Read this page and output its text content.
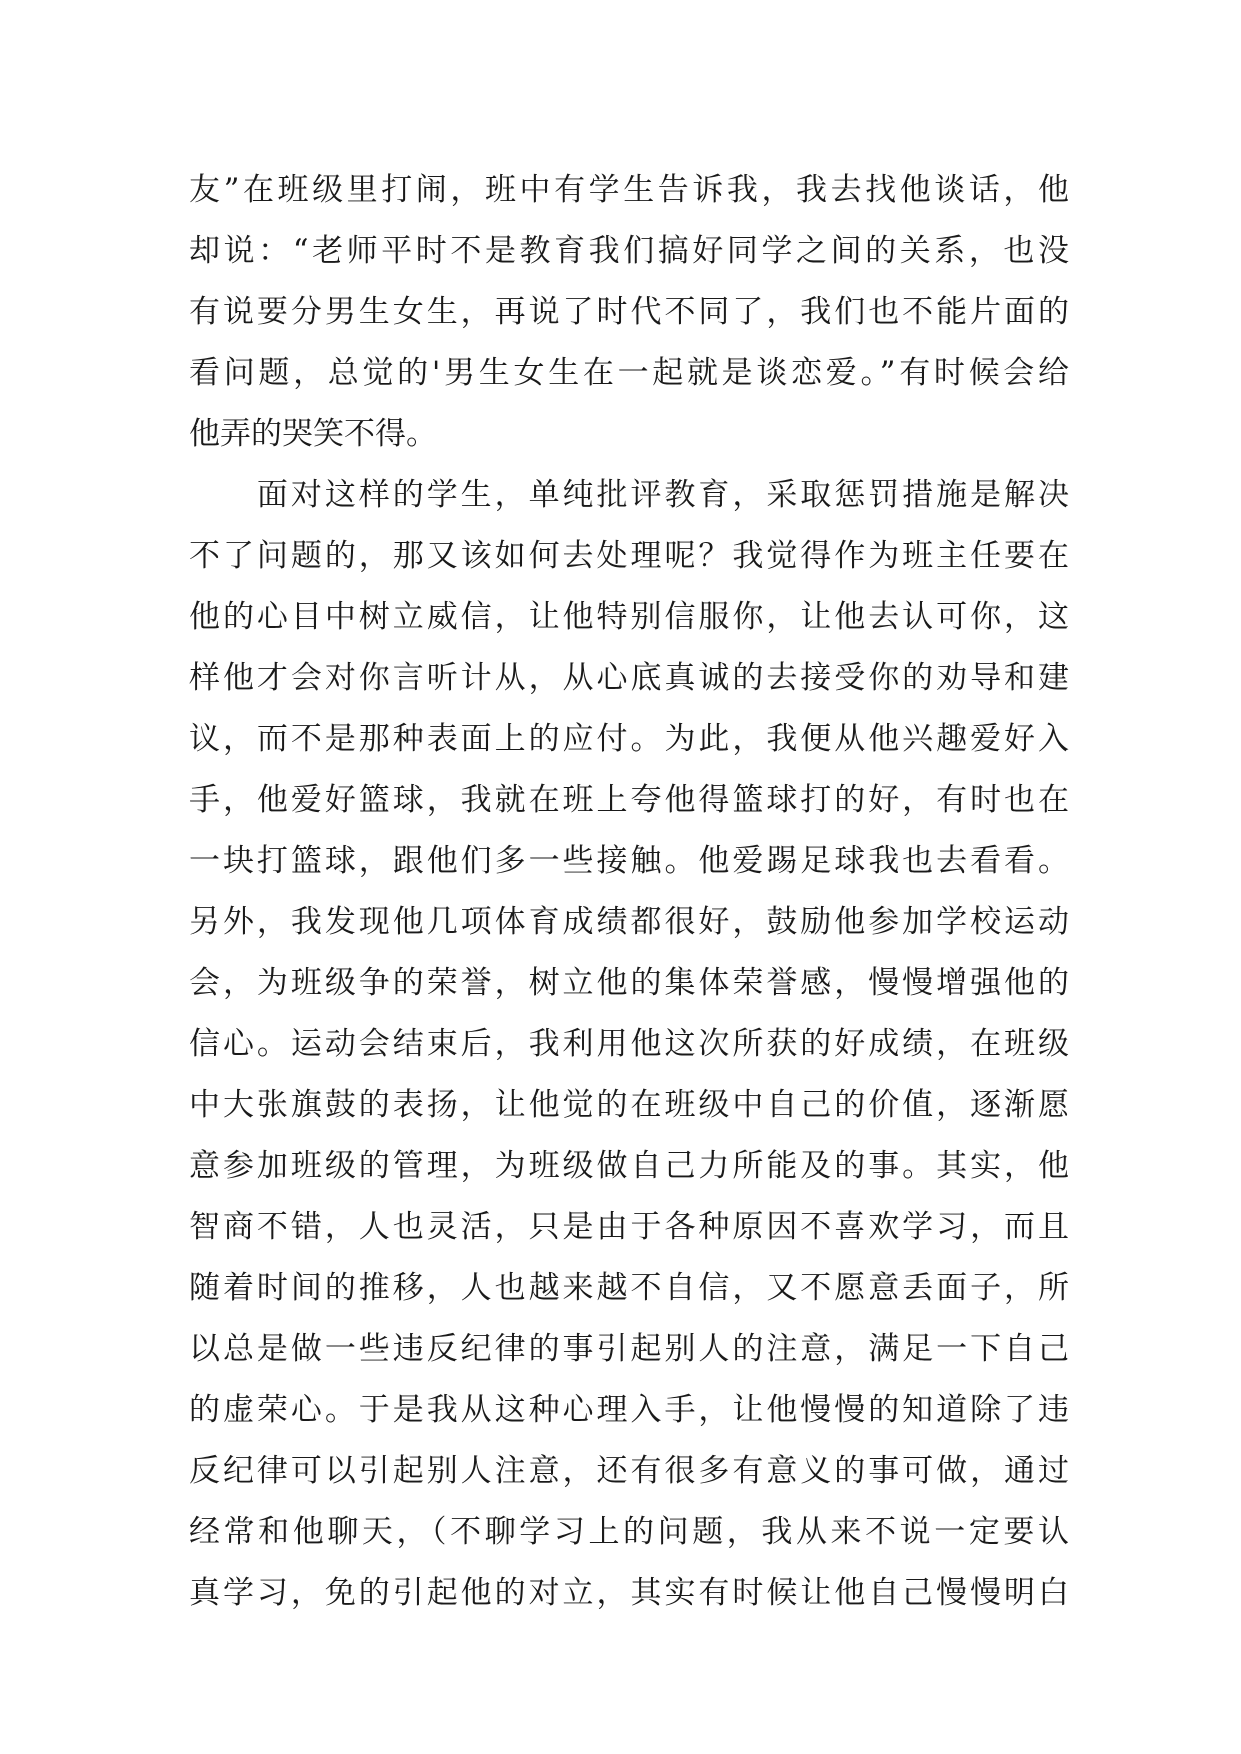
友”在班级里打闹，班中有学生告诉我，我去找他谈话，他
却说：“老师平时不是教育我们搞好同学之间的关系，也没
有说要分男生女生，再说了时代不同了，我们也不能片面的
看问题，总觉的'男生女生在一起就是谈恋爱。”有时候会给
他弄的哭笑不得。
　　面对这样的学生，单纯批评教育，采取惩罚措施是解决
不了问题的，那又该如何去处理呢？我觉得作为班主任要在
他的心目中树立威信，让他特别信服你，让他去认可你，这
样他才会对你言听计从，从心底真诚的去接受你的劝导和建
议，而不是那种表面上的应付。为此，我便从他兴趣爱好入
手，他爱好篮球，我就在班上夸他得篮球打的好，有时也在
一块打篮球，跟他们多一些接触。他爱踢足球我也去看看。
另外，我发现他几项体育成绩都很好，鼓励他参加学校运动
会，为班级争的荣誉，树立他的集体荣誉感，慢慢增强他的
信心。运动会结束后，我利用他这次所获的好成绩，在班级
中大张旗鼓的表扬，让他觉的在班级中自己的价值，逐渐愿
意参加班级的管理，为班级做自己力所能及的事。其实，他
智商不错，人也灵活，只是由于各种原因不喜欢学习，而且
随着时间的推移，人也越来越不自信，又不愿意丢面子，所
以总是做一些违反纪律的事引起别人的注意，满足一下自己
的虚荣心。于是我从这种心理入手，让他慢慢的知道除了违
反纪律可以引起别人注意，还有很多有意义的事可做，通过
经常和他聊天，（不聊学习上的问题，我从来不说一定要认
真学习，免的引起他的对立，其实有时候让他自己慢慢明白
